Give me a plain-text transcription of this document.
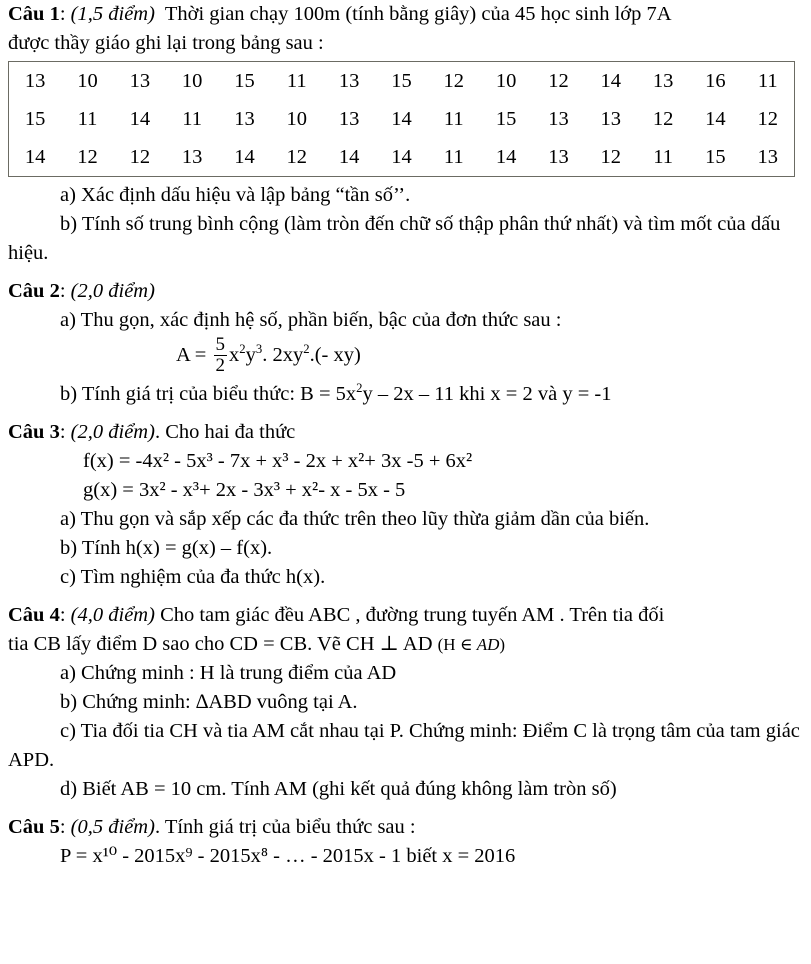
Câu 1: (1,5 điểm) Thời gian chạy 100m (tính bằng giây) của 45 học sinh lớp 7A
được thầy giáo ghi lại trong bảng sau :
13	10	13	10	15	11	13	15	12	10	12	14	13	16	11
15	11	14	11	13	10	13	14	11	15	13	13	12	14	12
14	12	12	13	14	12	14	14	11	14	13	12	11	15	13
a) Xác định dấu hiệu và lập bảng “tần số’’.
b) Tính số trung bình cộng (làm tròn đến chữ số thập phân thứ nhất) và tìm mốt của dấu hiệu.
Câu 2: (2,0 điểm)
a) Thu gọn, xác định hệ số, phần biến, bậc của đơn thức sau :
$A = \frac{5}{2} x^2y^3$. $2xy^2.(-$ xy)
b) Tính giá trị của biểu thức: $B = 5x^2y - 2x - 11$ khi x = 2 và y = -1
Câu 3: (2,0 điểm). Cho hai đa thức
f(x) = -4x² - 5x³ - 7x + x³ - 2x + x²+ 3x -5 + 6x²
g(x) = 3x² - x³+ 2x - 3x³ + x²- x - 5x - 5
a) Thu gọn và sắp xếp các đa thức trên theo lũy thừa giảm dần của biến.
b) Tính h(x) = g(x) – f(x).
c) Tìm nghiệm của đa thức h(x).
Câu 4: (4,0 điểm) Cho tam giác đều ABC , đường trung tuyến AM . Trên tia đối
tia CB lấy điểm D sao cho CD = CB. Vẽ CH ⊥ AD (H ∈ AD)
a) Chứng minh : H là trung điểm của AD
b) Chứng minh: ∆ABD vuông tại A.
c) Tia đối tia CH và tia AM cắt nhau tại P. Chứng minh: Điểm C là trọng tâm của tam giác APD.
d) Biết AB = 10 cm. Tính AM (ghi kết quả đúng không làm tròn số)
Câu 5: (0,5 điểm). Tính giá trị của biểu thức sau :
P = x¹⁰ - 2015x⁹ - 2015x⁸ - … - 2015x - 1 biết x = 2016
